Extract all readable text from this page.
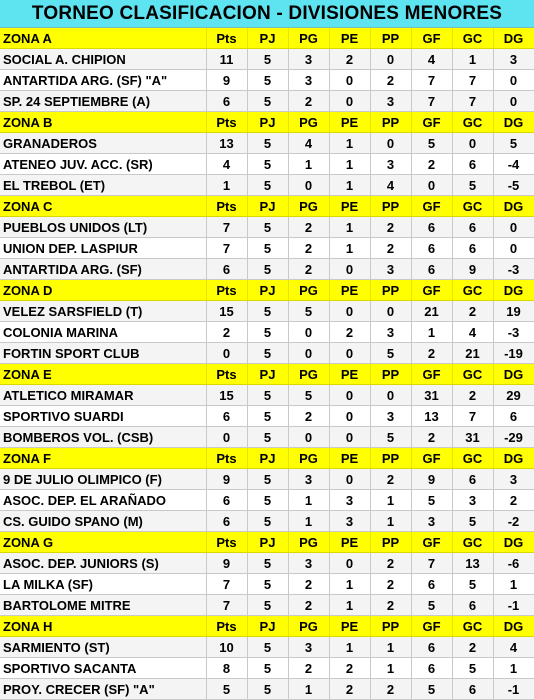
TORNEO CLASIFICACION - DIVISIONES MENORES
ZONA A	Pts	PJ	PG	PE	PP	GF	GC	DG
SOCIAL A. CHIPION	11	5	3	2	0	4	1	3
ANTARTIDA ARG. (SF) "A"	9	5	3	0	2	7	7	0
SP. 24 SEPTIEMBRE (A)	6	5	2	0	3	7	7	0
ZONA B	Pts	PJ	PG	PE	PP	GF	GC	DG
GRANADEROS	13	5	4	1	0	5	0	5
ATENEO JUV. ACC. (SR)	4	5	1	1	3	2	6	-4
EL TREBOL (ET)	1	5	0	1	4	0	5	-5
ZONA C	Pts	PJ	PG	PE	PP	GF	GC	DG
PUEBLOS UNIDOS (LT)	7	5	2	1	2	6	6	0
UNION DEP. LASPIUR	7	5	2	1	2	6	6	0
ANTARTIDA ARG. (SF)	6	5	2	0	3	6	9	-3
ZONA D	Pts	PJ	PG	PE	PP	GF	GC	DG
VELEZ SARSFIELD (T)	15	5	5	0	0	21	2	19
COLONIA MARINA	2	5	0	2	3	1	4	-3
FORTIN SPORT CLUB	0	5	0	0	5	2	21	-19
ZONA E	Pts	PJ	PG	PE	PP	GF	GC	DG
ATLETICO MIRAMAR	15	5	5	0	0	31	2	29
SPORTIVO SUARDI	6	5	2	0	3	13	7	6
BOMBEROS VOL. (CSB)	0	5	0	0	5	2	31	-29
ZONA F	Pts	PJ	PG	PE	PP	GF	GC	DG
9 DE JULIO OLIMPICO (F)	9	5	3	0	2	9	6	3
ASOC. DEP. EL ARAÑADO	6	5	1	3	1	5	3	2
CS. GUIDO SPANO (M)	6	5	1	3	1	3	5	-2
ZONA G	Pts	PJ	PG	PE	PP	GF	GC	DG
ASOC. DEP. JUNIORS (S)	9	5	3	0	2	7	13	-6
LA MILKA (SF)	7	5	2	1	2	6	5	1
BARTOLOME MITRE	7	5	2	1	2	5	6	-1
ZONA H	Pts	PJ	PG	PE	PP	GF	GC	DG
SARMIENTO (ST)	10	5	3	1	1	6	2	4
SPORTIVO SACANTA	8	5	2	2	1	6	5	1
PROY. CRECER (SF) "A"	5	5	1	2	2	5	6	-1
